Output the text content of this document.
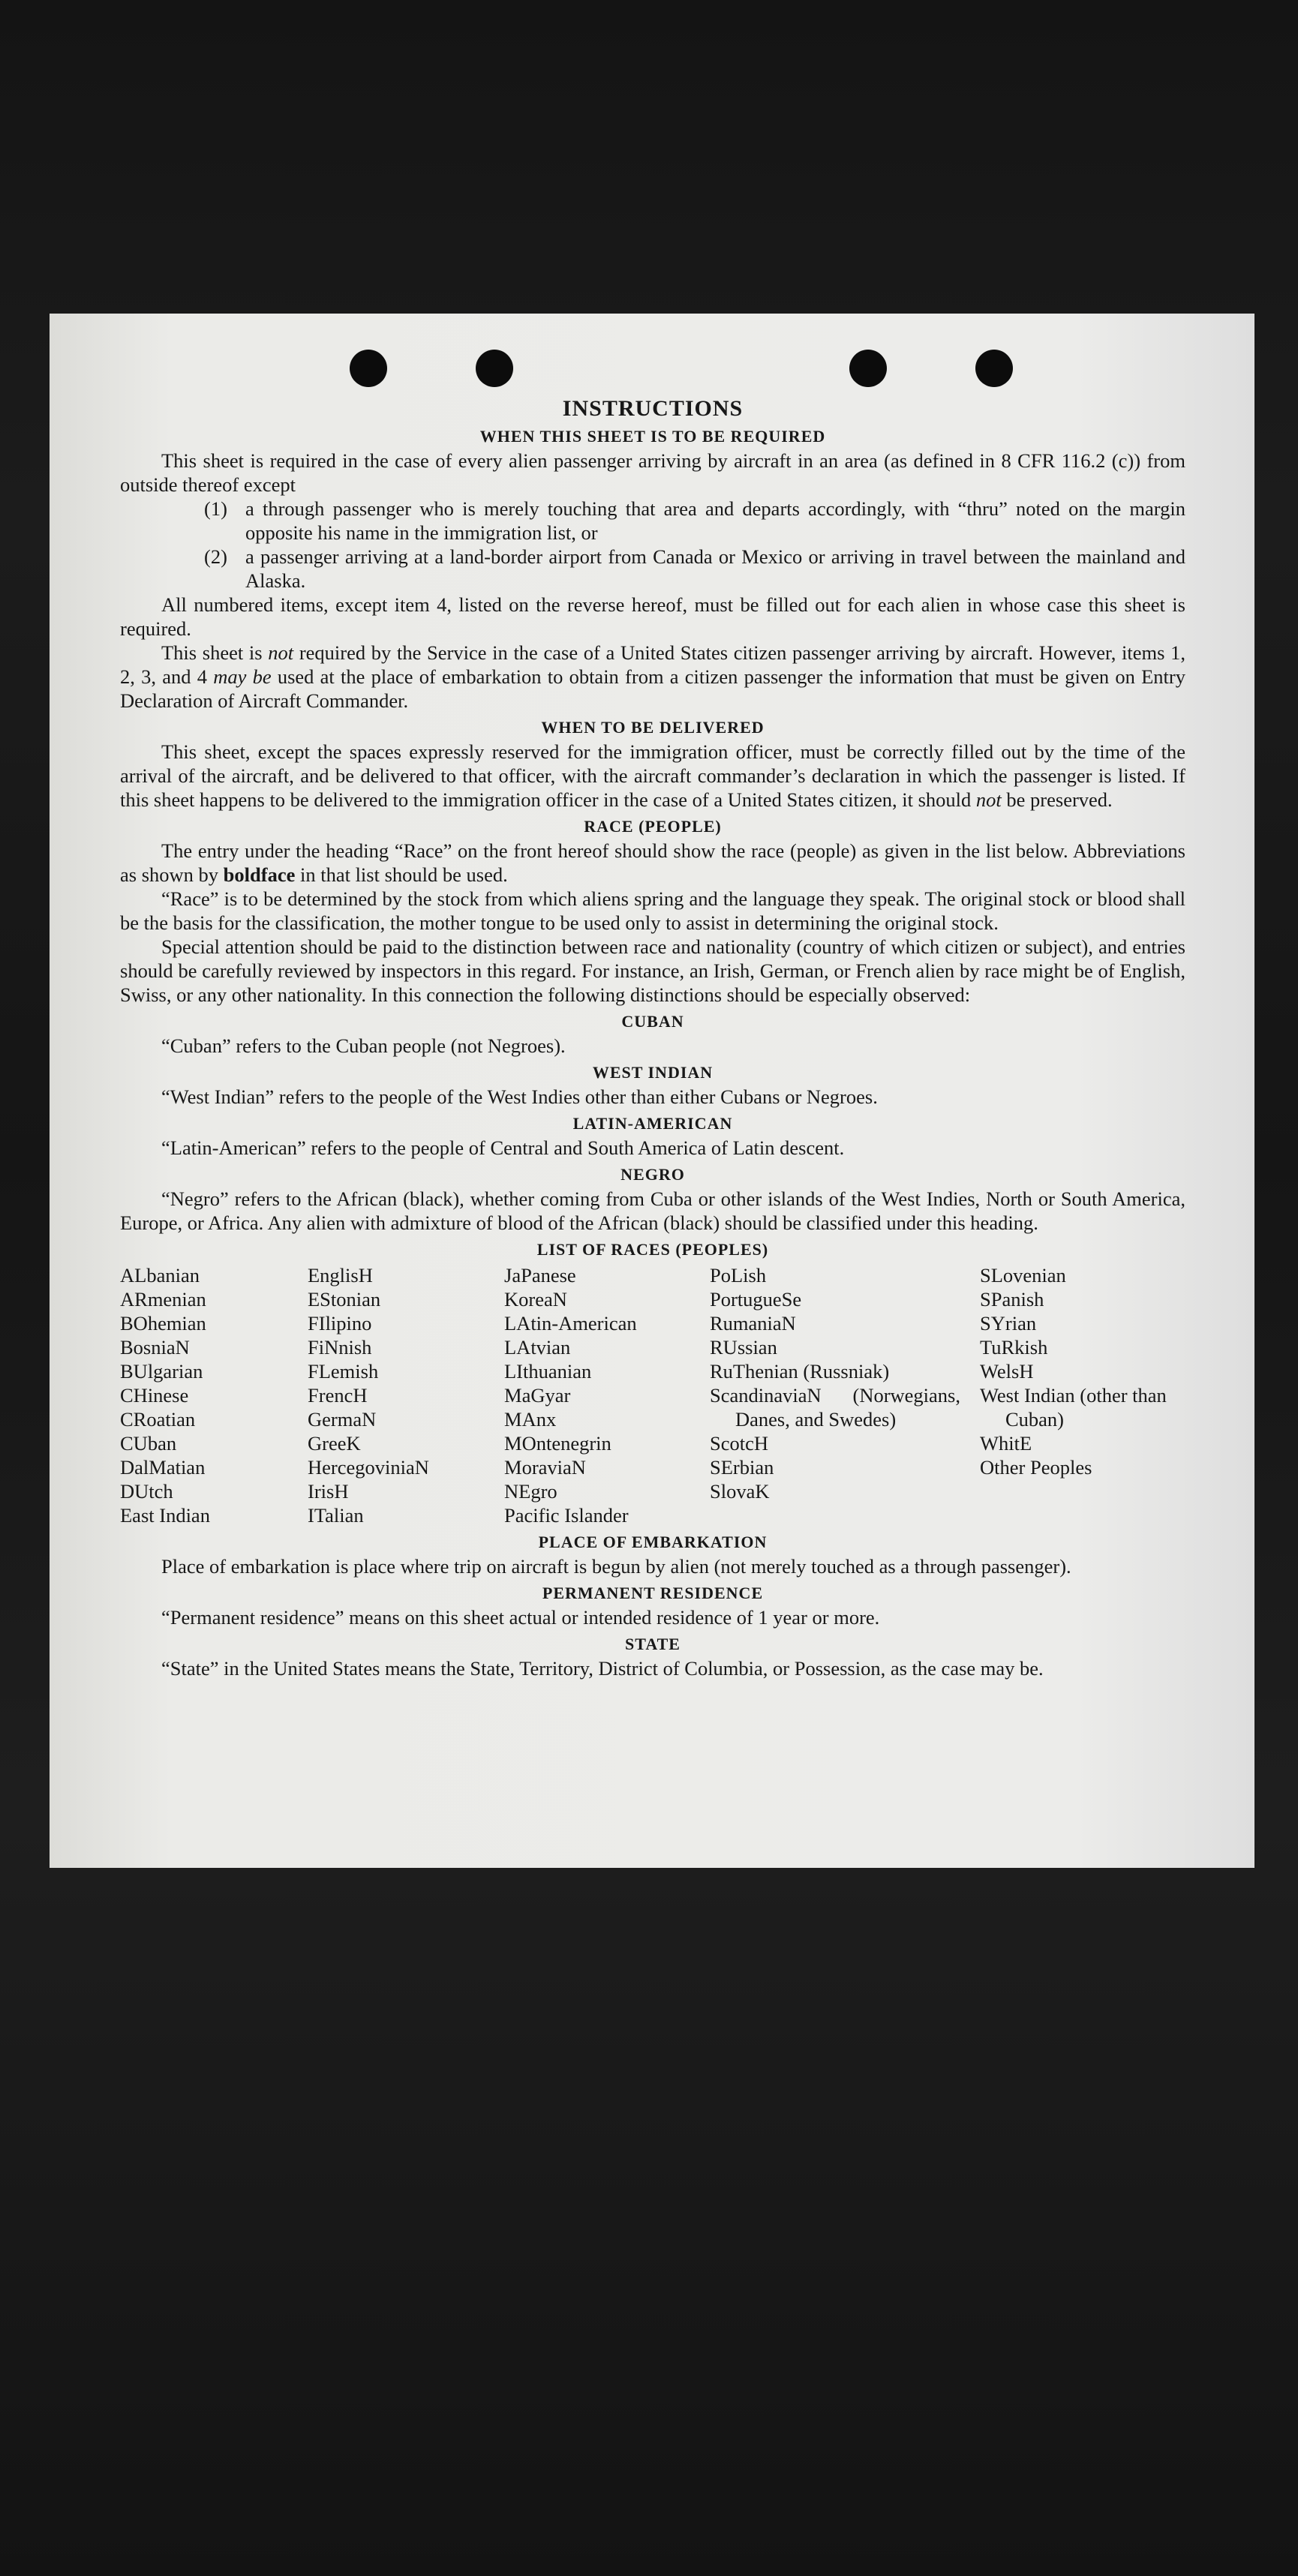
INSTRUCTIONS
WHEN THIS SHEET IS TO BE REQUIRED

This sheet is required in the case of every alien passenger arriving by aircraft in an area (as defined in 8 CFR 116.2 (c)) from outside thereof except

(1) a through passenger who is merely touching that area and departs accordingly, with “thru” noted on the margin opposite his name in the immigration list, or
(2) a passenger arriving at a land-border airport from Canada or Mexico or arriving in travel between the mainland and Alaska.

All numbered items, except item 4, listed on the reverse hereof, must be filled out for each alien in whose case this sheet is required.

This sheet is not required by the Service in the case of a United States citizen passenger arriving by aircraft. However, items 1, 2, 3, and 4 may be used at the place of embarkation to obtain from a citizen passenger the information that must be given on Entry Declaration of Aircraft Commander.

WHEN TO BE DELIVERED

This sheet, except the spaces expressly reserved for the immigration officer, must be correctly filled out by the time of the arrival of the aircraft, and be delivered to that officer, with the aircraft commander’s declaration in which the passenger is listed. If this sheet happens to be delivered to the immigration officer in the case of a United States citizen, it should not be preserved.

RACE (PEOPLE)

The entry under the heading “Race” on the front hereof should show the race (people) as given in the list below. Abbreviations as shown by boldface in that list should be used.

“Race” is to be determined by the stock from which aliens spring and the language they speak. The original stock or blood shall be the basis for the classification, the mother tongue to be used only to assist in determining the original stock.

Special attention should be paid to the distinction between race and nationality (country of which citizen or subject), and entries should be carefully reviewed by inspectors in this regard. For instance, an Irish, German, or French alien by race might be of English, Swiss, or any other nationality. In this connection the following distinctions should be especially observed:

CUBAN

“Cuban” refers to the Cuban people (not Negroes).

WEST INDIAN

“West Indian” refers to the people of the West Indies other than either Cubans or Negroes.

LATIN-AMERICAN

“Latin-American” refers to the people of Central and South America of Latin descent.

NEGRO

“Negro” refers to the African (black), whether coming from Cuba or other islands of the West Indies, North or South America, Europe, or Africa. Any alien with admixture of blood of the African (black) should be classified under this heading.

LIST OF RACES (PEOPLES)
ALbanian
ARmenian
BOhemian
BosniaN
BUlgarian
CHinese
CRoatian
CUban
DalMatian
DUtch
East Indian
EnglisH
EStonian
FIlipino
FiNnish
FLemish
FrencH
GermaN
GreeK
HercegoviniaN
IrisH
ITalian
JaPanese
KoreaN
LAtin-American
LAtvian
LIthuanian
MaGyar
MAnx
MOntenegrin
MoraviaN
NEgro
Pacific Islander
PoLish
PortugueSe
RumaniaN
RUssian
RuThenian (Russniak)
ScandinaviaN (Norwegians, Danes, and Swedes)
ScotcH
SErbian
SlovaK
SLovenian
SPanish
SYrian
TuRkish
WelsH
West Indian (other than Cuban)
WhitE
Other Peoples
PLACE OF EMBARKATION

Place of embarkation is place where trip on aircraft is begun by alien (not merely touched as a through passenger).

PERMANENT RESIDENCE

“Permanent residence” means on this sheet actual or intended residence of 1 year or more.

STATE

“State” in the United States means the State, Territory, District of Columbia, or Possession, as the case may be.
